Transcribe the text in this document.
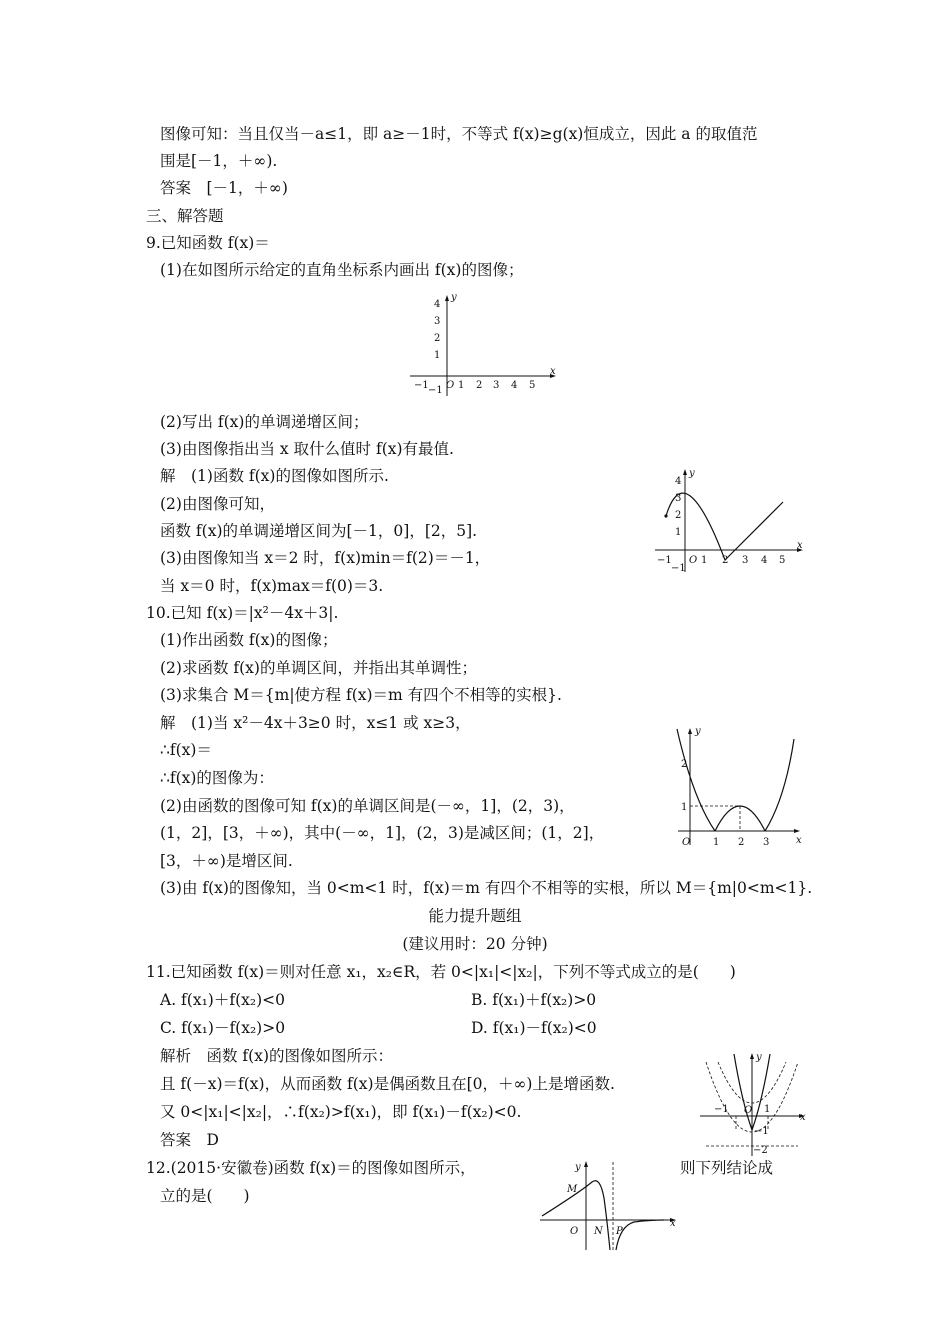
图像可知：当且仅当－a≤1，即 a≥－1时，不等式 f(x)≥g(x)恒成立，因此 a 的取值范
围是[－1，＋∞).
答案　[－1，＋∞)
三、解答题
9.已知函数 f(x)＝
(1)在如图所示给定的直角坐标系内画出 f(x)的图像；
(2)写出 f(x)的单调递增区间；
(3)由图像指出当 x 取什么值时 f(x)有最值.
解　(1)函数 f(x)的图像如图所示.
(2)由图像可知，
函数 f(x)的单调递增区间为[－1，0]，[2，5].
(3)由图像知当 x＝2 时，f(x)min＝f(2)＝－1，
当 x＝0 时，f(x)max＝f(0)＝3.
10.已知 f(x)＝|x²－4x＋3|.
(1)作出函数 f(x)的图像；
(2)求函数 f(x)的单调区间，并指出其单调性；
(3)求集合 M＝{m|使方程 f(x)＝m 有四个不相等的实根}.
解　(1)当 x²－4x＋3≥0 时，x≤1 或 x≥3，
∴f(x)＝
∴f(x)的图像为：
(2)由函数的图像可知 f(x)的单调区间是(－∞，1]，(2，3)，
(1，2]，[3，＋∞)，其中(－∞，1]，(2，3)是减区间；(1，2]，
[3，＋∞)是增区间.
(3)由 f(x)的图像知，当 0<m<1 时，f(x)＝m 有四个不相等的实根，所以 M＝{m|0<m<1}.
能力提升题组
(建议用时：20 分钟)
11.已知函数 f(x)＝则对任意 x₁，x₂∈R，若 0<|x₁|<|x₂|，下列不等式成立的是(　　)
A. f(x₁)＋f(x₂)<0	B. f(x₁)＋f(x₂)>0
C. f(x₁)－f(x₂)>0	D. f(x₁)－f(x₂)<0
解析　函数 f(x)的图像如图所示：
且 f(－x)＝f(x)，从而函数 f(x)是偶函数且在[0，＋∞)上是增函数.
又 0<|x₁|<|x₂|，∴f(x₂)>f(x₁)，即 f(x₁)－f(x₂)<0.
答案　D
12.(2015·安徽卷)函数 f(x)＝的图像如图所示，	则下列结论成
立的是(　　)
y
x
O
4
3
2
1
1 2 3 4 5
−1 −1
y
x
O
4
3
2
1
1 2 3 4 5
−1
−1
y
x
O
2
1
1 2 3
y
x
O
−1	1
−1
−2
y
x
O
M
N P
